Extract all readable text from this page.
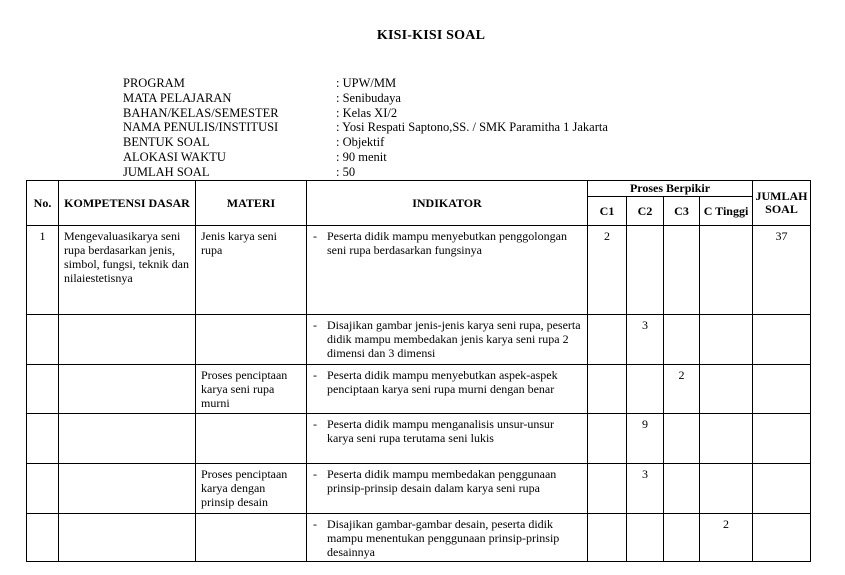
KISI-KISI SOAL
PROGRAM	: UPW/MM
MATA PELAJARAN	: Senibudaya
BAHAN/KELAS/SEMESTER	: Kelas XI/2
NAMA PENULIS/INSTITUSI	: Yosi Respati Saptono,SS. / SMK Paramitha 1 Jakarta
BENTUK SOAL	: Objektif
ALOKASI WAKTU	: 90 menit
JUMLAH SOAL	: 50
No.	KOMPETENSI DASAR	MATERI	INDIKATOR	Proses Berpikir				JUMLAH SOAL
				C1	C2	C3	C Tinggi	

1	Mengevaluasikarya seni rupa berdasarkan jenis, simbol, fungsi, teknik dan nilaiestetisnya	Jenis karya seni rupa	- Peserta didik mampu menyebutkan penggolongan seni rupa berdasarkan fungsinya	2				37

			- Disajikan gambar jenis-jenis karya seni rupa, peserta didik mampu membedakan jenis karya seni rupa 2 dimensi dan 3 dimensi		3			

		Proses penciptaan karya seni rupa murni	- Peserta didik mampu menyebutkan aspek-aspek penciptaan karya seni rupa murni dengan benar			2		

			- Peserta didik mampu menganalisis unsur-unsur karya seni rupa terutama seni lukis		9			

		Proses penciptaan karya dengan prinsip desain	- Peserta didik mampu membedakan penggunaan prinsip-prinsip desain dalam karya seni rupa		3			

			- Disajikan gambar-gambar desain, peserta didik mampu menentukan penggunaan prinsip-prinsip desainnya				2	
